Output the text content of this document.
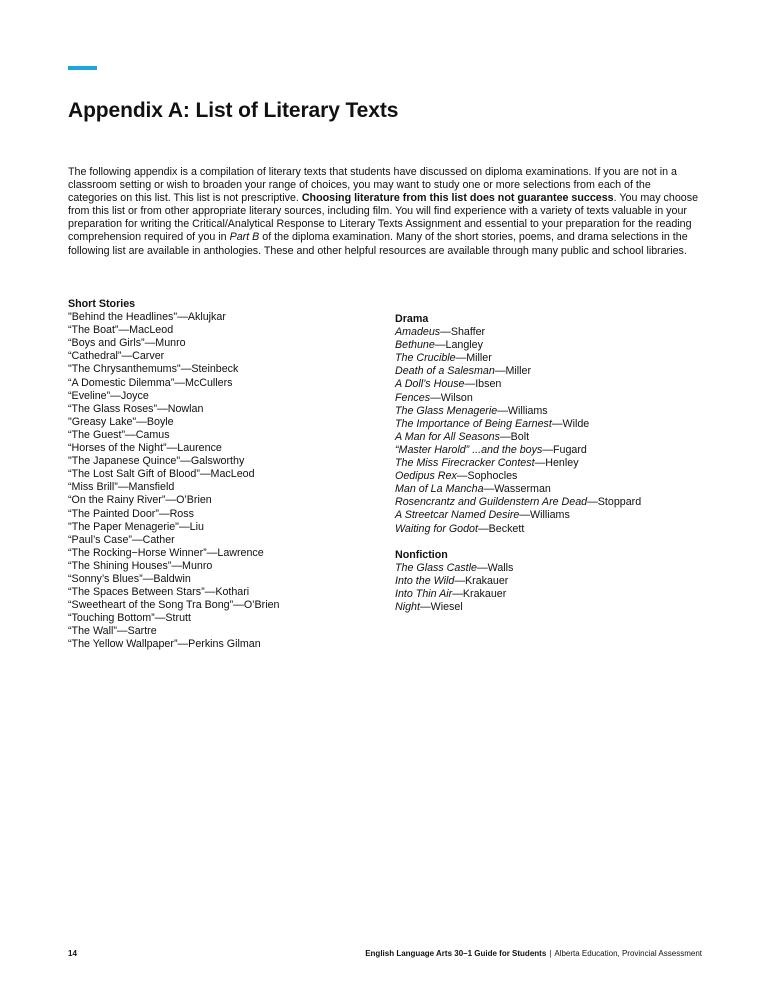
Appendix A: List of Literary Texts

The following appendix is a compilation of literary texts that students have discussed on diploma examinations. If you are not in a classroom setting or wish to broaden your range of choices, you may want to study one or more selections from each of the categories on this list. This list is not prescriptive. Choosing literature from this list does not guarantee success. You may choose from this list or from other appropriate literary sources, including film. You will find experience with a variety of texts valuable in your preparation for writing the Critical/Analytical Response to Literary Texts Assignment and essential to your preparation for the reading comprehension required of you in Part B of the diploma examination. Many of the short stories, poems, and drama selections in the following list are available in anthologies. These and other helpful resources are available through many public and school libraries.

Short Stories
"Behind the Headlines"—Aklujkar
“The Boat”—MacLeod
“Boys and Girls”—Munro
“Cathedral”—Carver
"The Chrysanthemums"—Steinbeck
“A Domestic Dilemma”—McCullers
“Eveline”—Joyce
“The Glass Roses”—Nowlan
"Greasy Lake"—Boyle
“The Guest”—Camus
“Horses of the Night”—Laurence
"The Japanese Quince"—Galsworthy
“The Lost Salt Gift of Blood”—MacLeod
“Miss Brill”—Mansfield
“On the Rainy River”—O’Brien
“The Painted Door”—Ross
"The Paper Menagerie"—Liu
“Paul’s Case”—Cather
“The Rocking−Horse Winner”—Lawrence
“The Shining Houses”—Munro
“Sonny’s Blues”—Baldwin
“The Spaces Between Stars”—Kothari
“Sweetheart of the Song Tra Bong”—O’Brien
“Touching Bottom”—Strutt
“The Wall”—Sartre
“The Yellow Wallpaper”—Perkins Gilman
Drama
Amadeus—Shaffer
Bethune—Langley
The Crucible—Miller
Death of a Salesman—Miller
A Doll’s House—Ibsen
Fences—Wilson
The Glass Menagerie—Williams
The Importance of Being Earnest—Wilde
A Man for All Seasons—Bolt
“Master Harold” ...and the boys—Fugard
The Miss Firecracker Contest—Henley
Oedipus Rex—Sophocles
Man of La Mancha—Wasserman
Rosencrantz and Guildenstern Are Dead—Stoppard
A Streetcar Named Desire—Williams
Waiting for Godot—Beckett
Nonfiction
The Glass Castle—Walls
Into the Wild—Krakauer
Into Thin Air—Krakauer
Night—Wiesel
14	English Language Arts 30–1 Guide for Students | Alberta Education, Provincial Assessment
